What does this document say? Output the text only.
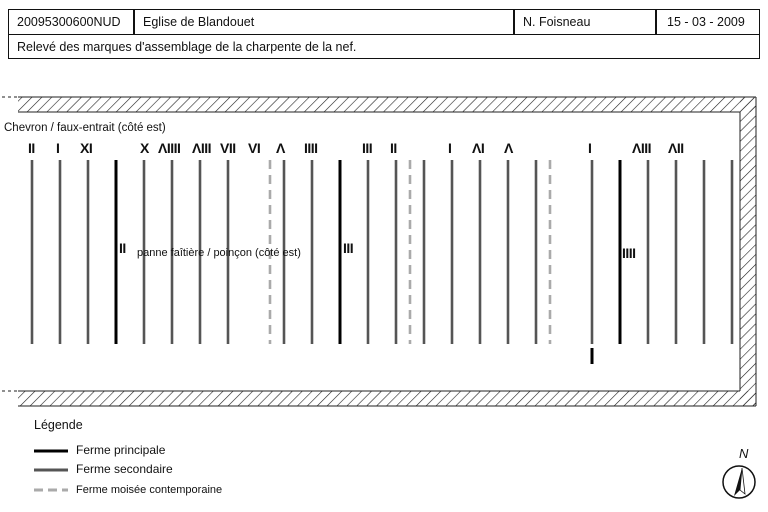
20095300600NUD	Eglise de Blandouet	N. Foisneau	15 - 03 - 2009
Relevé des marques d'assemblage de la charpente de la nef.
Chevron / faux-entrait (côté est)
panne faîtière / poinçon (côté est)
II I XI	X ΛIIII ΛIII VII VI Λ IIII	III II	I ΛI Λ	I	ΛIII ΛII
II	III	IIII
Légende
Ferme principale
Ferme secondaire
Ferme moisée contemporaine
N
